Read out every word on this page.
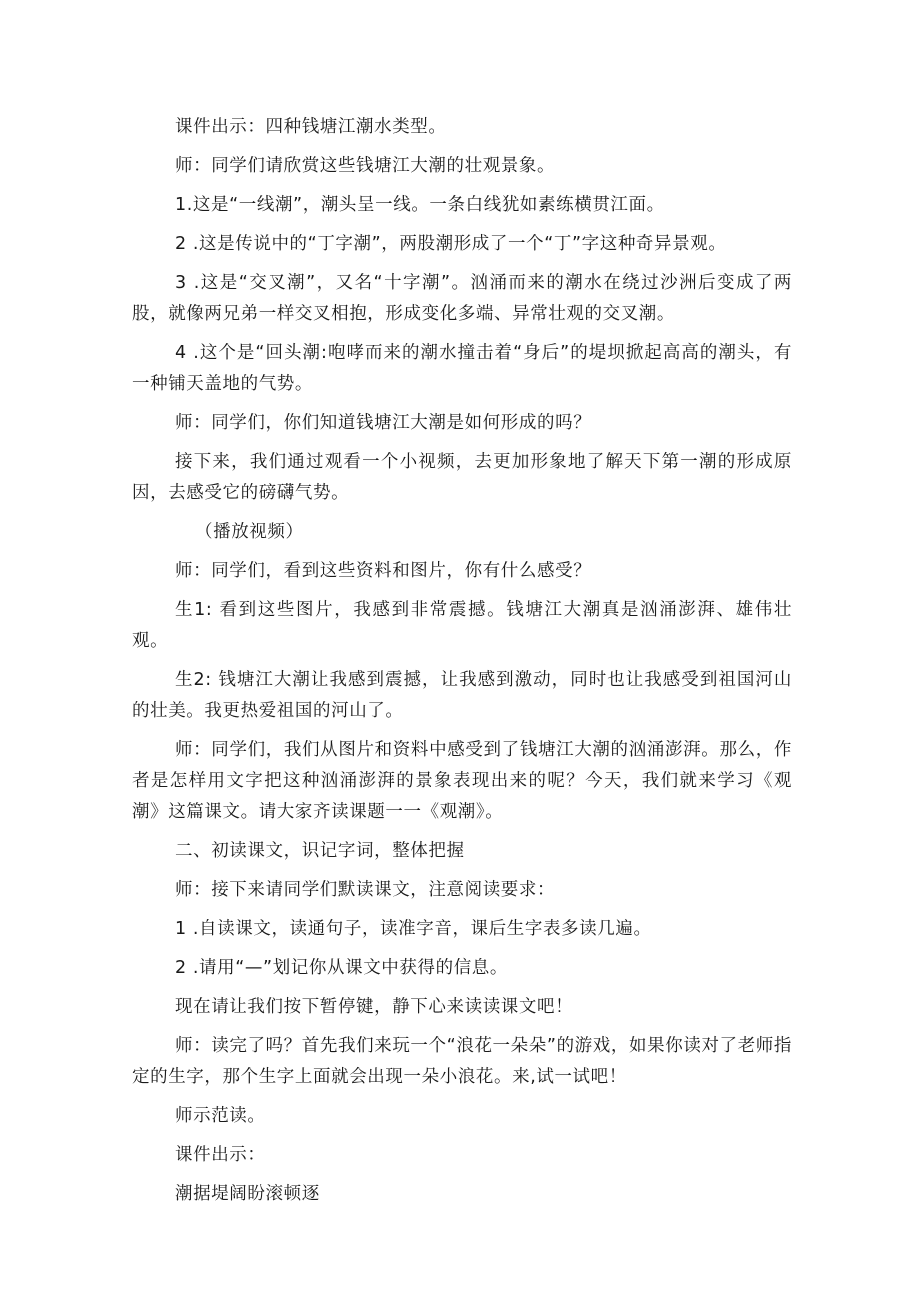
课件出示：四种钱塘江潮水类型。

师：同学们请欣赏这些钱塘江大潮的壮观景象。

1.这是“一线潮”，潮头呈一线。一条白线犹如素练横贯江面。

2 .这是传说中的“丁字潮”，两股潮形成了一个“丁”字这种奇异景观。

3 .这是“交叉潮”，又名“十字潮”。汹涌而来的潮水在绕过沙洲后变成了两股，就像两兄弟一样交叉相抱，形成变化多端、异常壮观的交叉潮。

4 .这个是“回头潮:咆哮而来的潮水撞击着“身后”的堤坝掀起高高的潮头，有一种铺天盖地的气势。

师：同学们，你们知道钱塘江大潮是如何形成的吗？

接下来，我们通过观看一个小视频，去更加形象地了解天下第一潮的形成原因，去感受它的磅礴气势。

（播放视频）

师：同学们，看到这些资料和图片，你有什么感受？

生1: 看到这些图片，我感到非常震撼。钱塘江大潮真是汹涌澎湃、雄伟壮观。

生2: 钱塘江大潮让我感到震撼，让我感到激动，同时也让我感受到祖国河山的壮美。我更热爱祖国的河山了。

师：同学们，我们从图片和资料中感受到了钱塘江大潮的汹涌澎湃。那么，作者是怎样用文字把这种汹涌澎湃的景象表现出来的呢？今天，我们就来学习《观潮》这篇课文。请大家齐读课题一一《观潮》。

二、初读课文，识记字词，整体把握

师：接下来请同学们默读课文，注意阅读要求：

1 .自读课文，读通句子，读准字音，课后生字表多读几遍。

2 .请用“—”划记你从课文中获得的信息。

现在请让我们按下暂停键，静下心来读读课文吧！

师：读完了吗？首先我们来玩一个“浪花一朵朵”的游戏，如果你读对了老师指定的生字，那个生字上面就会出现一朵小浪花。来,试一试吧！

师示范读。

课件出示：

潮据堤阔盼滚顿逐
